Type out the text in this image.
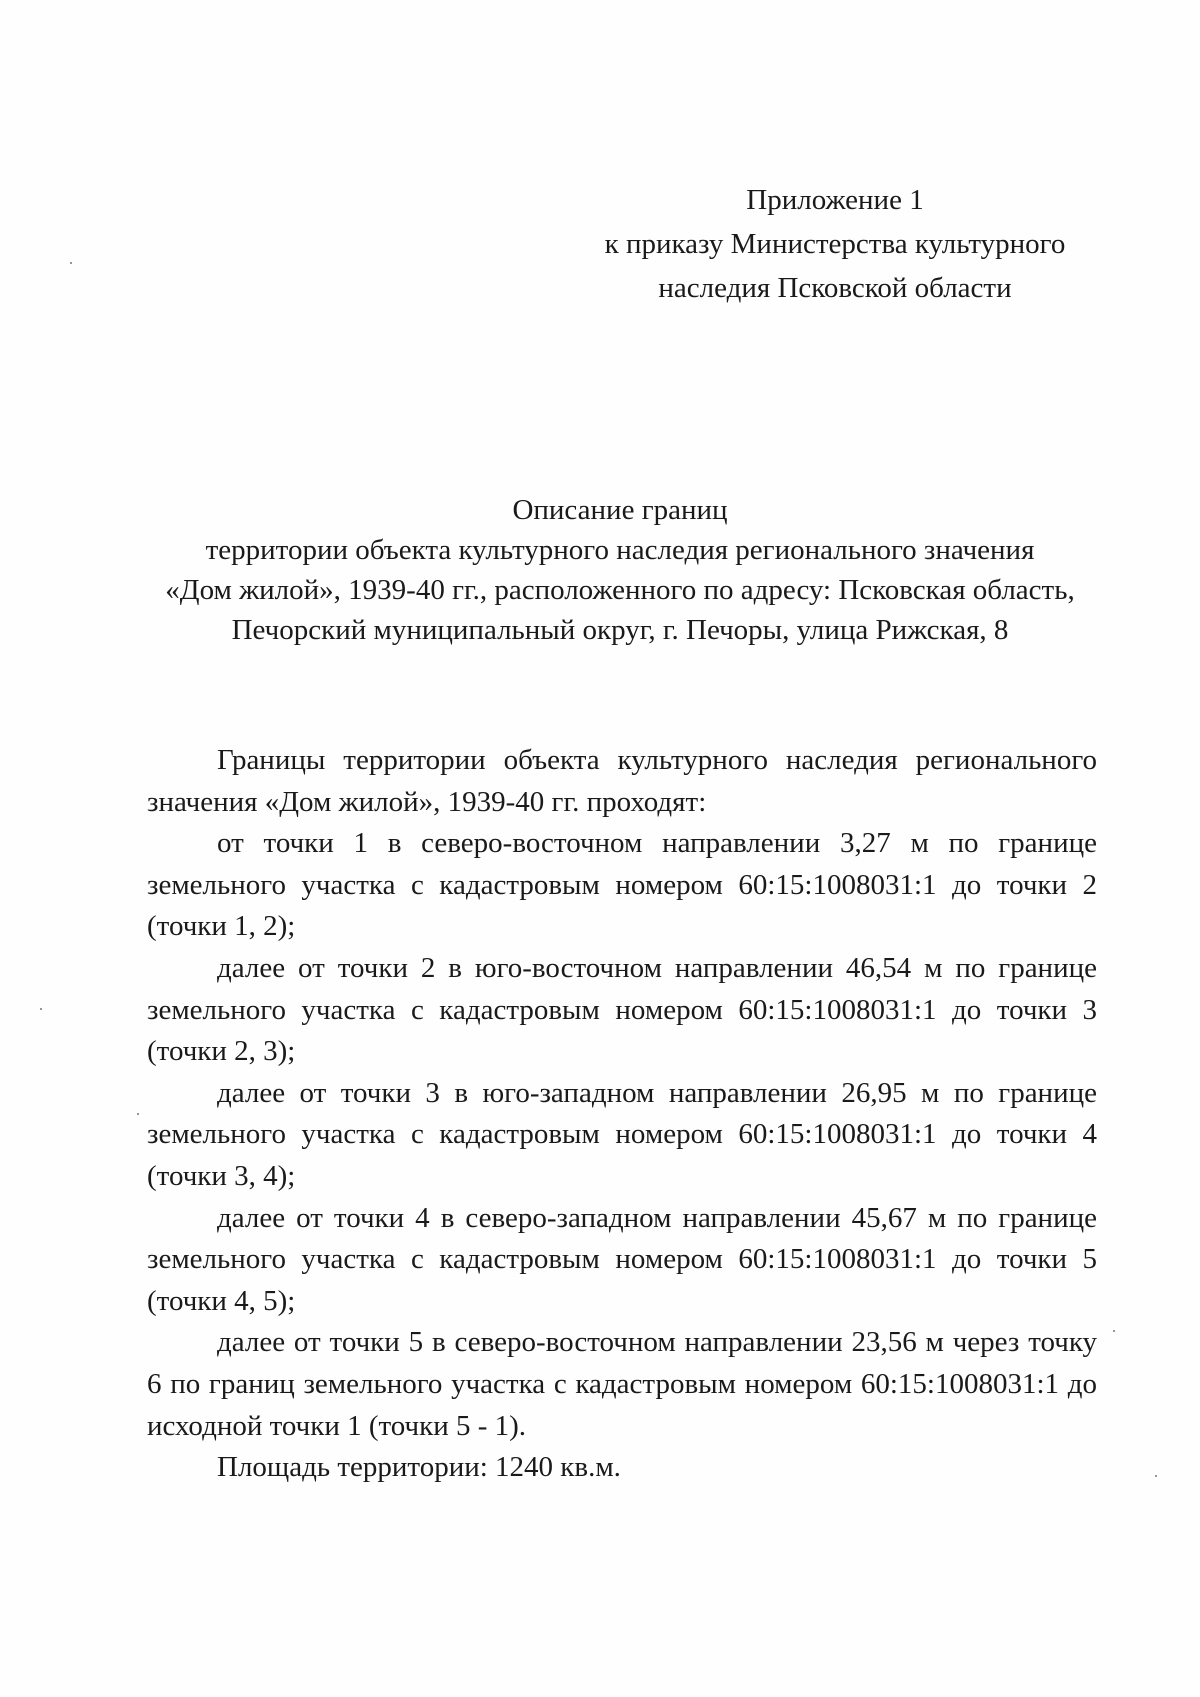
Приложение 1
к приказу Министерства культурного
наследия Псковской области
Описание границ
территории объекта культурного наследия регионального значения
«Дом жилой», 1939-40 гг., расположенного по адресу: Псковская область,
Печорский муниципальный округ, г. Печоры, улица Рижская, 8

Границы территории объекта культурного наследия регионального значения «Дом жилой», 1939-40 гг. проходят:

от точки 1 в северо-восточном направлении 3,27 м по границе земельного участка с кадастровым номером 60:15:1008031:1 до точки 2 (точки 1, 2);

далее от точки 2 в юго-восточном направлении 46,54 м по границе земельного участка с кадастровым номером 60:15:1008031:1 до точки 3 (точки 2, 3);

далее от точки 3 в юго-западном направлении 26,95 м по границе земельного участка с кадастровым номером 60:15:1008031:1 до точки 4 (точки 3, 4);

далее от точки 4 в северо-западном направлении 45,67 м по границе земельного участка с кадастровым номером 60:15:1008031:1 до точки 5 (точки 4, 5);

далее от точки 5 в северо-восточном направлении 23,56 м через точку 6 по границ земельного участка с кадастровым номером 60:15:1008031:1 до исходной точки 1 (точки 5 - 1).

Площадь территории: 1240 кв.м.
